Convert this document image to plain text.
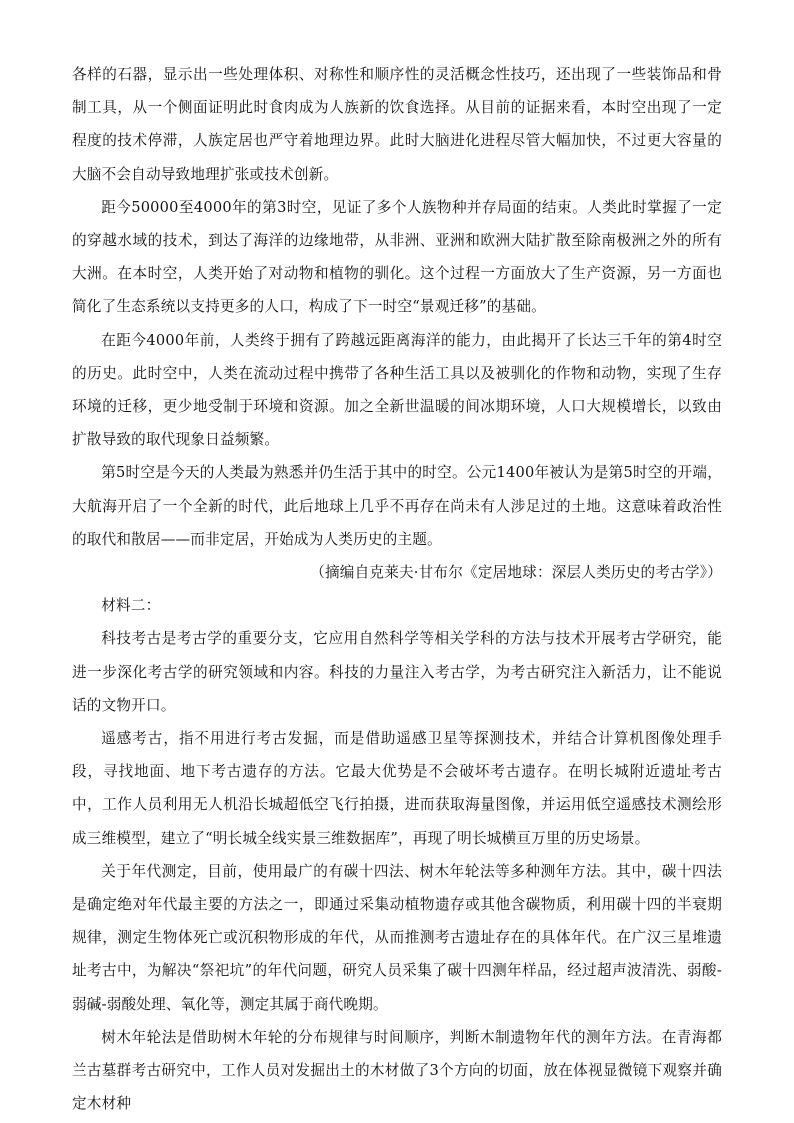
各样的石器，显示出一些处理体积、对称性和顺序性的灵活概念性技巧，还出现了一些装饰品和骨制工具，从一个侧面证明此时食肉成为人族新的饮食选择。从目前的证据来看，本时空出现了一定程度的技术停滞，人族定居也严守着地理边界。此时大脑进化进程尽管大幅加快，不过更大容量的大脑不会自动导致地理扩张或技术创新。

距今50000至4000年的第3时空，见证了多个人族物种并存局面的结束。人类此时掌握了一定的穿越水域的技术，到达了海洋的边缘地带，从非洲、亚洲和欧洲大陆扩散至除南极洲之外的所有大洲。在本时空，人类开始了对动物和植物的驯化。这个过程一方面放大了生产资源，另一方面也简化了生态系统以支持更多的人口，构成了下一时空“景观迁移”的基础。

在距今4000年前，人类终于拥有了跨越远距离海洋的能力，由此揭开了长达三千年的第4时空的历史。此时空中，人类在流动过程中携带了各种生活工具以及被驯化的作物和动物，实现了生存环境的迁移，更少地受制于环境和资源。加之全新世温暖的间冰期环境，人口大规模增长，以致由扩散导致的取代现象日益频繁。

第5时空是今天的人类最为熟悉并仍生活于其中的时空。公元1400年被认为是第5时空的开端，大航海开启了一个全新的时代，此后地球上几乎不再存在尚未有人涉足过的土地。这意味着政治性的取代和散居——而非定居，开始成为人类历史的主题。

（摘编自克莱夫·甘布尔《定居地球：深层人类历史的考古学》）

材料二：

科技考古是考古学的重要分支，它应用自然科学等相关学科的方法与技术开展考古学研究，能进一步深化考古学的研究领域和内容。科技的力量注入考古学，为考古研究注入新活力，让不能说话的文物开口。

遥感考古，指不用进行考古发掘，而是借助遥感卫星等探测技术，并结合计算机图像处理手段，寻找地面、地下考古遗存的方法。它最大优势是不会破坏考古遗存。在明长城附近遗址考古中，工作人员利用无人机沿长城超低空飞行拍摄，进而获取海量图像，并运用低空遥感技术测绘形成三维模型，建立了“明长城全线实景三维数据库”，再现了明长城横亘万里的历史场景。

关于年代测定，目前，使用最广的有碳十四法、树木年轮法等多种测年方法。其中，碳十四法是确定绝对年代最主要的方法之一，即通过采集动植物遗存或其他含碳物质，利用碳十四的半衰期规律，测定生物体死亡或沉积物形成的年代，从而推测考古遗址存在的具体年代。在广汉三星堆遗址考古中，为解决“祭祀坑”的年代问题，研究人员采集了碳十四测年样品，经过超声波清洗、弱酸-弱碱-弱酸处理、氧化等，测定其属于商代晚期。

树木年轮法是借助树木年轮的分布规律与时间顺序，判断木制遗物年代的测年方法。在青海都兰古墓群考古研究中，工作人员对发掘出土的木材做了3个方向的切面，放在体视显微镜下观察并确定木材种
